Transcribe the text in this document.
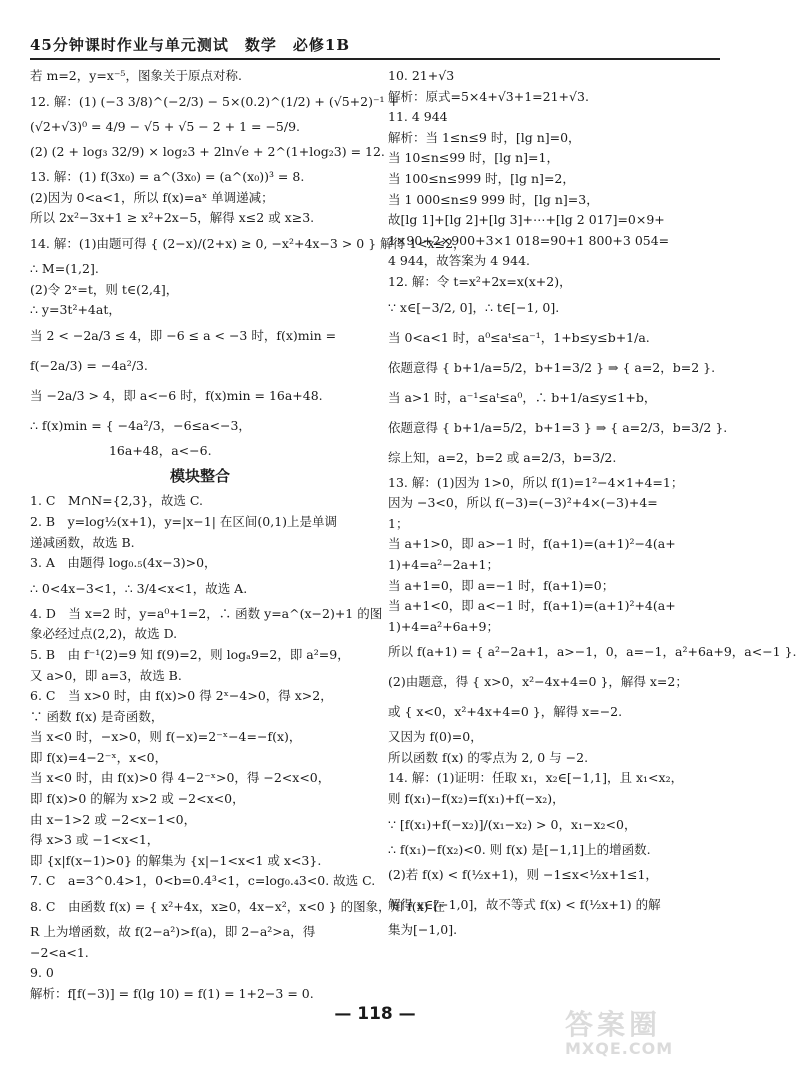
45分钟课时作业与单元测试　数学　必修1B
若 m=2，y=x⁻⁵，图象关于原点对称.
12. 解：(1) (−3 3/8)^(−2/3) − 5×(0.2)^(1/2) + (√5+2)⁻¹ +
(√2+√3)⁰ = 4/9 − √5 + √5 − 2 + 1 = −5/9.
(2) (2 + log₃ 32/9) × log₂3 + 2ln√e + 2^(1+log₂3) = 12.
13. 解：(1) f(3x₀) = a^(3x₀) = (a^(x₀))³ = 8.
(2)因为 0<a<1，所以 f(x)=aˣ 单调递减；
所以 2x²−3x+1 ≥ x²+2x−5，解得 x≤2 或 x≥3.
14. 解：(1)由题可得 { (2−x)/(2+x) ≥ 0, −x²+4x−3 > 0 } 解得 1<x≤2，
∴ M=(1,2].
(2)令 2ˣ=t，则 t∈(2,4]，
∴ y=3t²+4at，
当 2 < −2a/3 ≤ 4，即 −6 ≤ a < −3 时，f(x)min =
f(−2a/3) = −4a²/3.
当 −2a/3 > 4，即 a<−6 时，f(x)min = 16a+48.
∴ f(x)min = { −4a²/3，−6≤a<−3，
　　　　　　 16a+48，a<−6.
模块整合
1. C　M∩N={2,3}，故选 C.
2. B　y=log½(x+1)，y=|x−1| 在区间(0,1)上是单调
递减函数，故选 B.
3. A　由题得 log₀.₅(4x−3)>0，
∴ 0<4x−3<1，∴ 3/4<x<1，故选 A.
4. D　当 x=2 时，y=a⁰+1=2，∴ 函数 y=a^(x−2)+1 的图
象必经过点(2,2)，故选 D.
5. B　由 f⁻¹(2)=9 知 f(9)=2，则 logₐ9=2，即 a²=9，
又 a>0，即 a=3，故选 B.
6. C　当 x>0 时，由 f(x)>0 得 2ˣ−4>0，得 x>2，
∵ 函数 f(x) 是奇函数，
当 x<0 时，−x>0，则 f(−x)=2⁻ˣ−4=−f(x)，
即 f(x)=4−2⁻ˣ，x<0，
当 x<0 时，由 f(x)>0 得 4−2⁻ˣ>0，得 −2<x<0，
即 f(x)>0 的解为 x>2 或 −2<x<0，
由 x−1>2 或 −2<x−1<0，
得 x>3 或 −1<x<1，
即 {x|f(x−1)>0} 的解集为 {x|−1<x<1 或 x<3}.
7. C　a=3^0.4>1，0<b=0.4³<1，c=log₀.₄3<0. 故选 C.
8. C　由函数 f(x) = { x²+4x，x≥0，4x−x²，x<0 } 的图象，知 f(x) 在
R 上为增函数，故 f(2−a²)>f(a)，即 2−a²>a，得
−2<a<1.
9. 0
解析：f[f(−3)] = f(lg 10) = f(1) = 1+2−3 = 0.
10. 21+√3
解析：原式=5×4+√3+1=21+√3.
11. 4 944
解析：当 1≤n≤9 时，[lg n]=0，
当 10≤n≤99 时，[lg n]=1，
当 100≤n≤999 时，[lg n]=2，
当 1 000≤n≤9 999 时，[lg n]=3，
故[lg 1]+[lg 2]+[lg 3]+⋯+[lg 2 017]=0×9+
1×90+2×900+3×1 018=90+1 800+3 054=
4 944，故答案为 4 944.
12. 解：令 t=x²+2x=x(x+2)，
∵ x∈[−3/2, 0]，∴ t∈[−1, 0].
当 0<a<1 时，a⁰≤aᵗ≤a⁻¹，1+b≤y≤b+1/a.
依题意得 { b+1/a=5/2，b+1=3/2 } ⇒ { a=2，b=2 }.
当 a>1 时，a⁻¹≤aᵗ≤a⁰，∴ b+1/a≤y≤1+b，
依题意得 { b+1/a=5/2，b+1=3 } ⇒ { a=2/3，b=3/2 }.
综上知，a=2，b=2 或 a=2/3，b=3/2.
13. 解：(1)因为 1>0，所以 f(1)=1²−4×1+4=1；
因为 −3<0，所以 f(−3)=(−3)²+4×(−3)+4=
1；
当 a+1>0，即 a>−1 时，f(a+1)=(a+1)²−4(a+
1)+4=a²−2a+1；
当 a+1=0，即 a=−1 时，f(a+1)=0；
当 a+1<0，即 a<−1 时，f(a+1)=(a+1)²+4(a+
1)+4=a²+6a+9；
所以 f(a+1) = { a²−2a+1，a>−1，0，a=−1，a²+6a+9，a<−1 }.
(2)由题意，得 { x>0，x²−4x+4=0 }，解得 x=2；
或 { x<0，x²+4x+4=0 }，解得 x=−2.
又因为 f(0)=0，
所以函数 f(x) 的零点为 2, 0 与 −2.
14. 解：(1)证明：任取 x₁，x₂∈[−1,1]，且 x₁<x₂，
则 f(x₁)−f(x₂)=f(x₁)+f(−x₂)，
∵ [f(x₁)+f(−x₂)]/(x₁−x₂) > 0，x₁−x₂<0，
∴ f(x₁)−f(x₂)<0. 则 f(x) 是[−1,1]上的增函数.
(2)若 f(x) < f(½x+1)，则 −1≤x<½x+1≤1，
解得 x∈[−1,0]，故不等式 f(x) < f(½x+1) 的解
集为[−1,0].
— 118 —	答案圈
MXQE.COM
